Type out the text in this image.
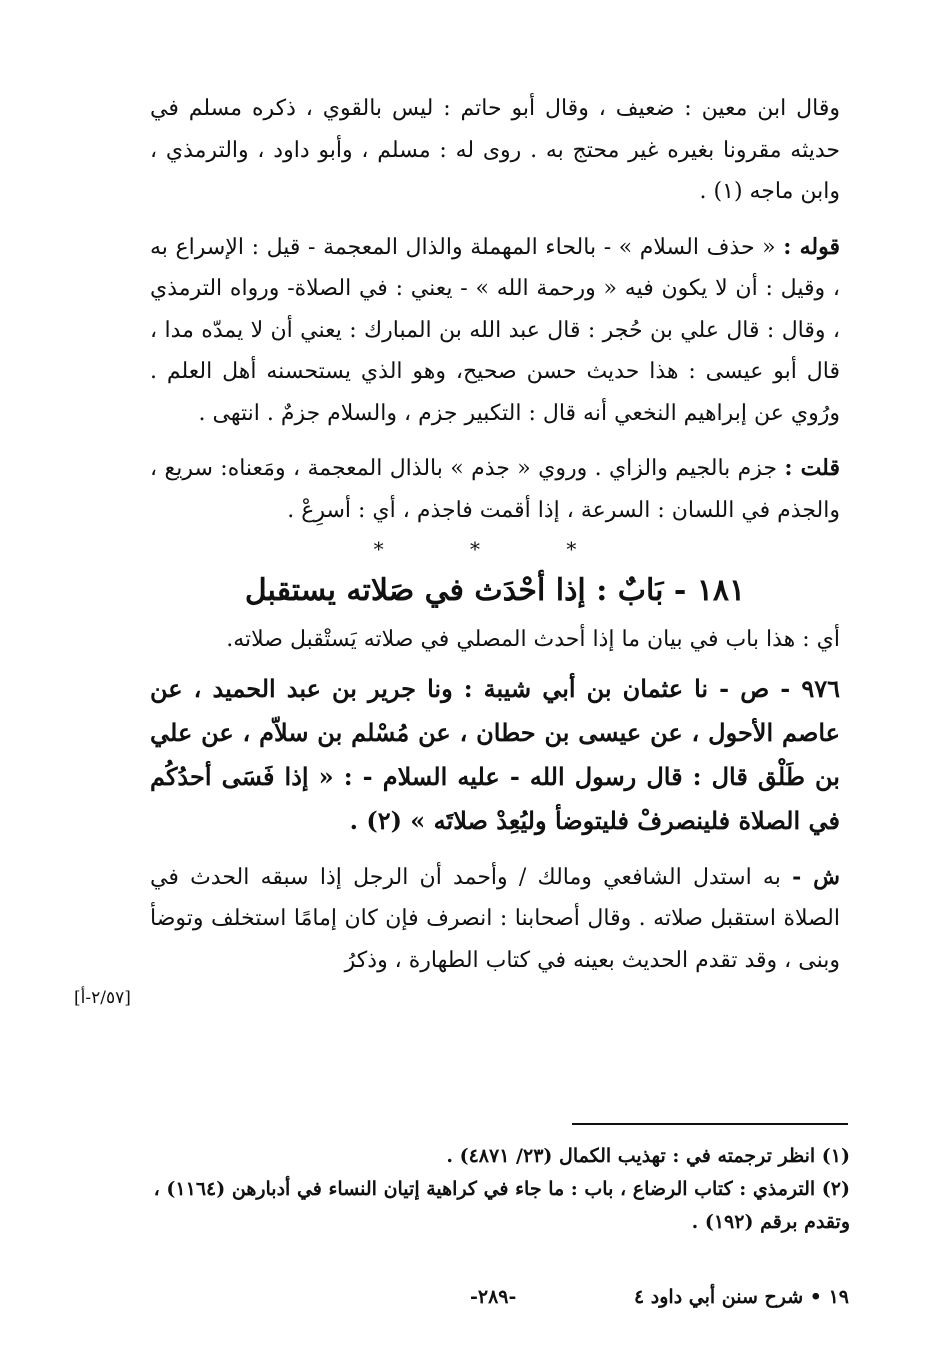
وقال ابن معين : ضعيف ، وقال أبو حاتم : ليس بالقوي ، ذكره مسلم في حديثه مقرونا بغيره غير محتج به . روى له : مسلم ، وأبو داود ، والترمذي ، وابن ماجه (١) .

قوله : « حذف السلام » - بالحاء المهملة والذال المعجمة - قيل : الإسراع به ، وقيل : أن لا يكون فيه « ورحمة الله » - يعني : في الصلاة- ورواه الترمذي ، وقال : قال علي بن حُجر : قال عبد الله بن المبارك : يعني أن لا يمدّه مدا ، قال أبو عيسى : هذا حديث حسن صحيح، وهو الذي يستحسنه أهل العلم . ورُوي عن إبراهيم النخعي أنه قال : التكبير جزم ، والسلام جزمٌ . انتهى .

قلت : جزم بالجيم والزاي . وروي « جذم » بالذال المعجمة ، ومَعناه: سريع ، والجذم في اللسان : السرعة ، إذا أقمت فاجذم ، أي : أسرِعْ .

* * *
١٨١ - بَابٌ : إذا أحْدَث في صَلاته يستقبل

أي : هذا باب في بيان ما إذا أحدث المصلي في صلاته يَستْقبل صلاته.

٩٧٦ - ص - نا عثمان بن أبي شيبة : ونا جرير بن عبد الحميد ، عن عاصم الأحول ، عن عيسى بن حطان ، عن مُسْلم بن سلاّم ، عن علي بن طَلْق قال : قال رسول الله - عليه السلام - : « إذا فَسَى أحدُكُم في الصلاة فلينصرفْ فليتوضأ وليُعِدْ صلاتَه » (٢) .

ش - به استدل الشافعي ومالك / وأحمد أن الرجل إذا سبقه الحدث في الصلاة استقبل صلاته . وقال أصحابنا : انصرف فإن كان إمامًا استخلف وتوضأ وبنى ، وقد تقدم الحديث بعينه في كتاب الطهارة ، وذكرُ

[٢/٥٧-أ]

(١) انظر ترجمته في : تهذيب الكمال (٢٣/ ٤٨٧١) .

(٢) الترمذي : كتاب الرضاع ، باب : ما جاء في كراهية إتيان النساء في أدبارهن (١١٦٤) ، وتقدم برقم (١٩٢) .

-٢٨٩-	١٩ • شرح سنن أبي داود ٤
